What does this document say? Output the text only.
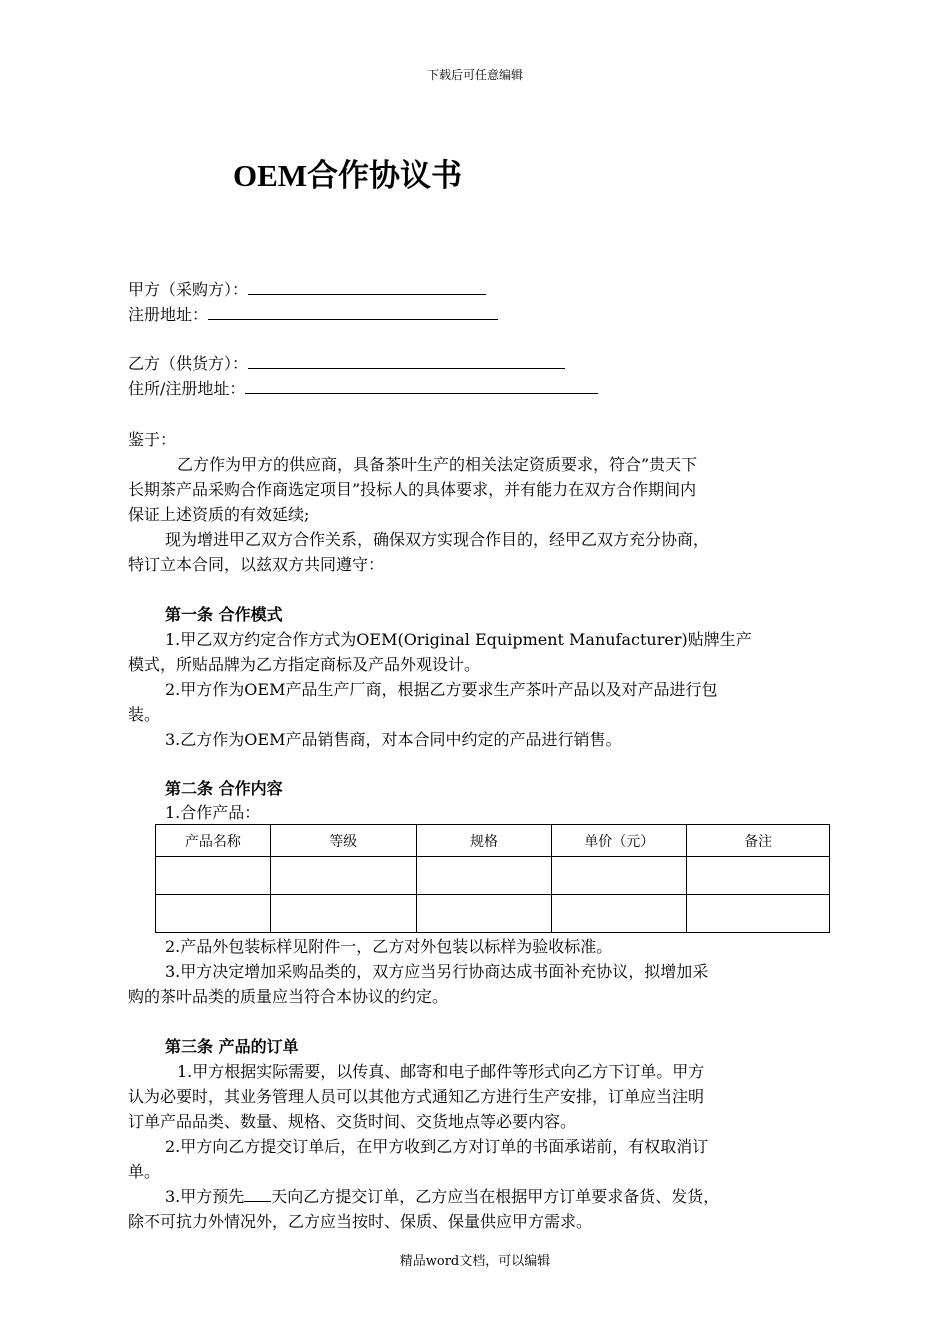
下载后可任意编辑
OEM合作协议书
甲方（采购方）：
注册地址：
乙方（供货方）：
住所/注册地址：
鉴于：
乙方作为甲方的供应商，具备茶叶生产的相关法定资质要求，符合”贵天下
长期茶产品采购合作商选定项目”投标人的具体要求，并有能力在双方合作期间内
保证上述资质的有效延续;
现为增进甲乙双方合作关系，确保双方实现合作目的，经甲乙双方充分协商，
特订立本合同，以兹双方共同遵守：
第一条 合作模式
1.甲乙双方约定合作方式为OEM(Original Equipment Manufacturer)贴牌生产
模式，所贴品牌为乙方指定商标及产品外观设计。
2.甲方作为OEM产品生产厂商，根据乙方要求生产茶叶产品以及对产品进行包
装。
3.乙方作为OEM产品销售商，对本合同中约定的产品进行销售。
第二条 合作内容
1.合作产品：
产品名称	等级	规格	单价（元）	备注

2.产品外包装标样见附件一，乙方对外包装以标样为验收标准。
3.甲方决定增加采购品类的，双方应当另行协商达成书面补充协议，拟增加采
购的茶叶品类的质量应当符合本协议的约定。
第三条 产品的订单
1.甲方根据实际需要，以传真、邮寄和电子邮件等形式向乙方下订单。甲方
认为必要时，其业务管理人员可以其他方式通知乙方进行生产安排，订单应当注明
订单产品品类、数量、规格、交货时间、交货地点等必要内容。
2.甲方向乙方提交订单后，在甲方收到乙方对订单的书面承诺前，有权取消订
单。
3.甲方预先 天向乙方提交订单，乙方应当在根据甲方订单要求备货、发货，
除不可抗力外情况外，乙方应当按时、保质、保量供应甲方需求。
精品word文档，可以编辑
